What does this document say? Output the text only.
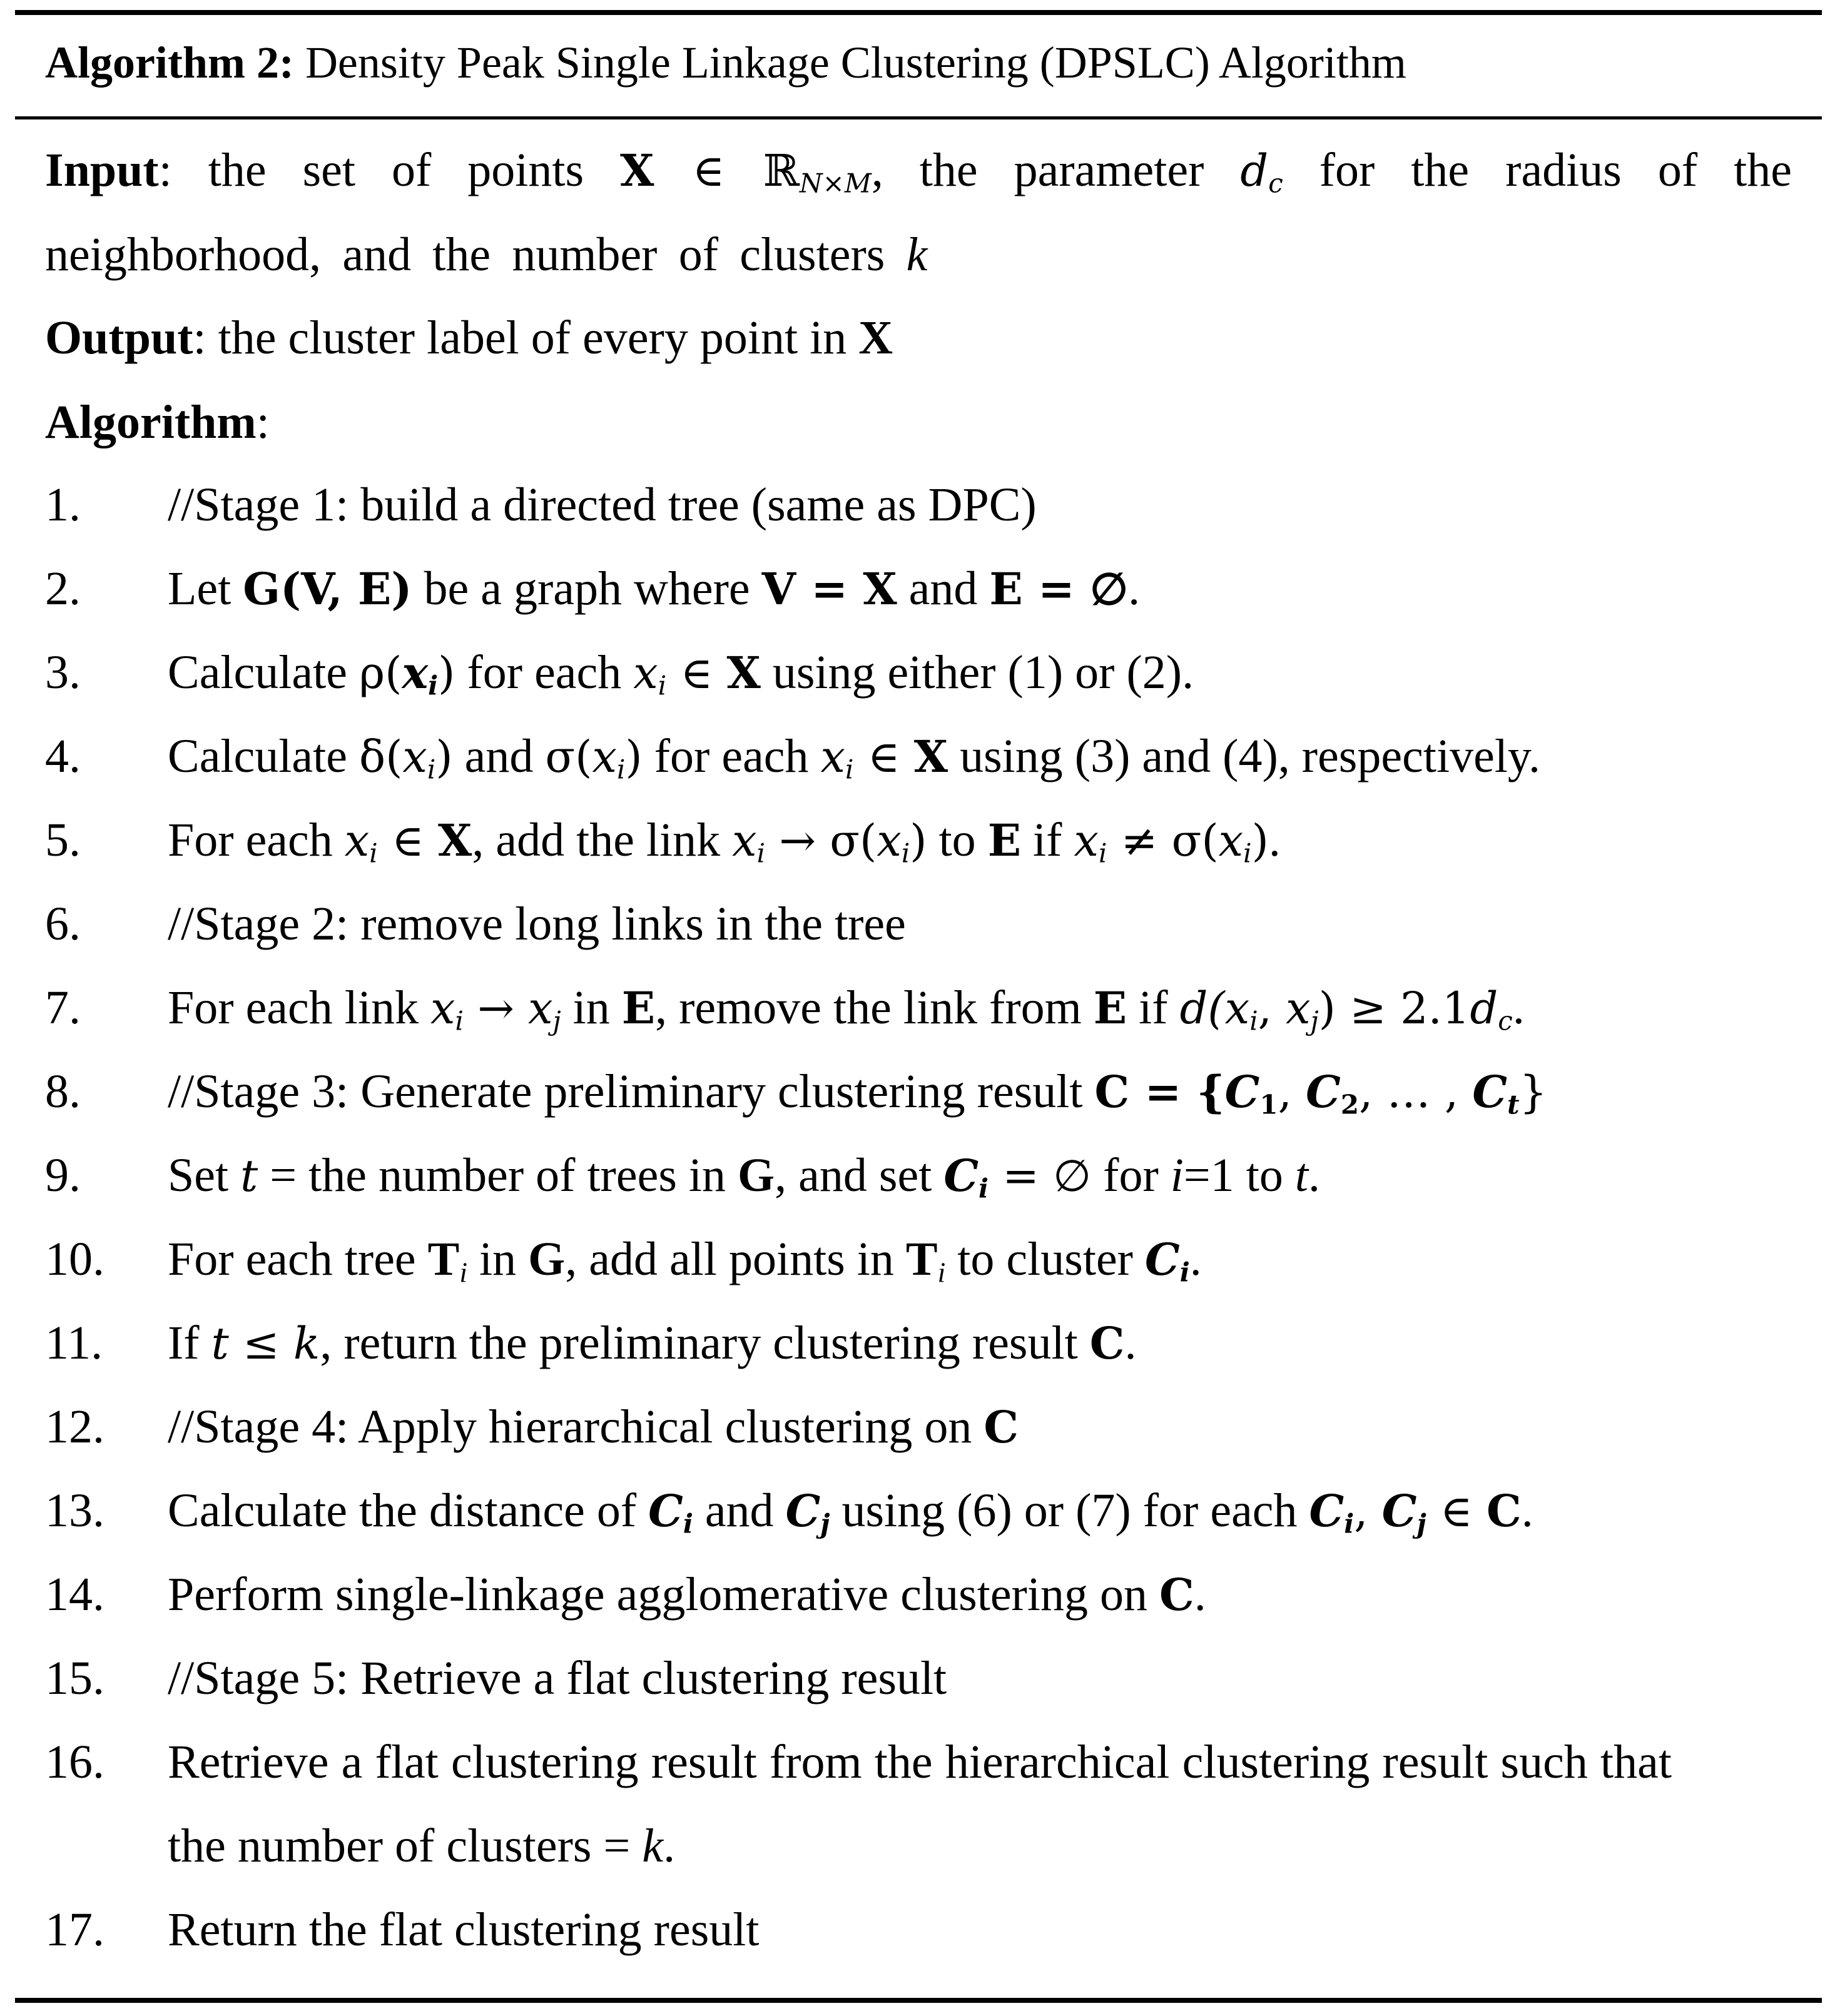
Algorithm 2: Density Peak Single Linkage Clustering (DPSLC) Algorithm
Input: the set of points X ∈ ℝ$_{N\times M}$, the parameter $d_c$ for the radius of the neighborhood, and the number of clusters k
Output: the cluster label of every point in X
Algorithm:
1. //Stage 1: build a directed tree (same as DPC)
2. Let G(V, E) be a graph where V = X and E = ∅.
3. Calculate $\rho(x_i)$ for each $x_i$ ∈ X using either (1) or (2).
4. Calculate $\delta(x_i)$ and $\sigma(x_i)$ for each $x_i$ ∈ X using (3) and (4), respectively.
5. For each $x_i$ ∈ X, add the link $x_i \to \sigma(x_i)$ to E if $x_i \ne \sigma(x_i)$.
6. //Stage 2: remove long links in the tree
7. For each link $x_i \to x_j$ in E, remove the link from E if $d(x_i$, $x_j) \ge 2.1d_c$.
8. //Stage 3: Generate preliminary clustering result $C = \{C_1$, $C_2$, … , $C_t$}
9. Set t = the number of trees in G, and set $C_i$ = ∅ for i=1 to t.
10. For each tree $T_i$ in G, add all points in $T_i$ to cluster $C_i$.
11. If t ≤ k, return the preliminary clustering result C.
12. //Stage 4: Apply hierarchical clustering on C
13. Calculate the distance of $C_i$ and $C_j$ using (6) or (7) for each $C_i$, $C_j$ ∈ C.
14. Perform single-linkage agglomerative clustering on C.
15. //Stage 5: Retrieve a flat clustering result
16.	Retrieve a flat clustering result from the hierarchical clustering result such that the number of clusters = k.
17. Return the flat clustering result
